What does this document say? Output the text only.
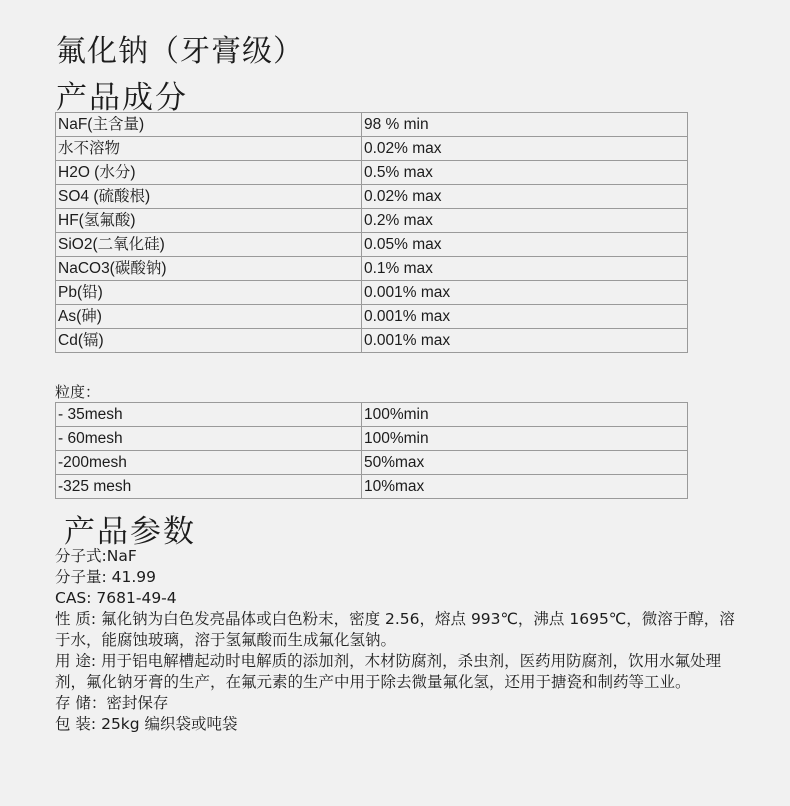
氟化钠（牙膏级）
产品成分
NaF(主含量)	98 % min
水不溶物	0.02% max
H2O (水分)	0.5% max
SO4 (硫酸根)	0.02% max
HF(氢氟酸)	0.2% max
SiO2(二氧化硅)	0.05% max
NaCO3(碳酸钠)	0.1% max
Pb(铅)	0.001% max
As(砷)	0.001% max
Cd(镉)	0.001% max
粒度：
- 35mesh	100%min
- 60mesh	100%min
-200mesh	50%max
-325 mesh	10%max
产品参数
分子式:NaF
分子量: 41.99
CAS: 7681-49-4
性 质: 氟化钠为白色发亮晶体或白色粉末，密度 2.56，熔点 993℃，沸点 1695℃，微溶于醇，溶于水，能腐蚀玻璃，溶于氢氟酸而生成氟化氢钠。
用 途: 用于铝电解槽起动时电解质的添加剂，木材防腐剂，杀虫剂，医药用防腐剂，饮用水氟处理剂，氟化钠牙膏的生产，在氟元素的生产中用于除去微量氟化氢，还用于搪瓷和制药等工业。
存 储：密封保存
包 装: 25kg 编织袋或吨袋
